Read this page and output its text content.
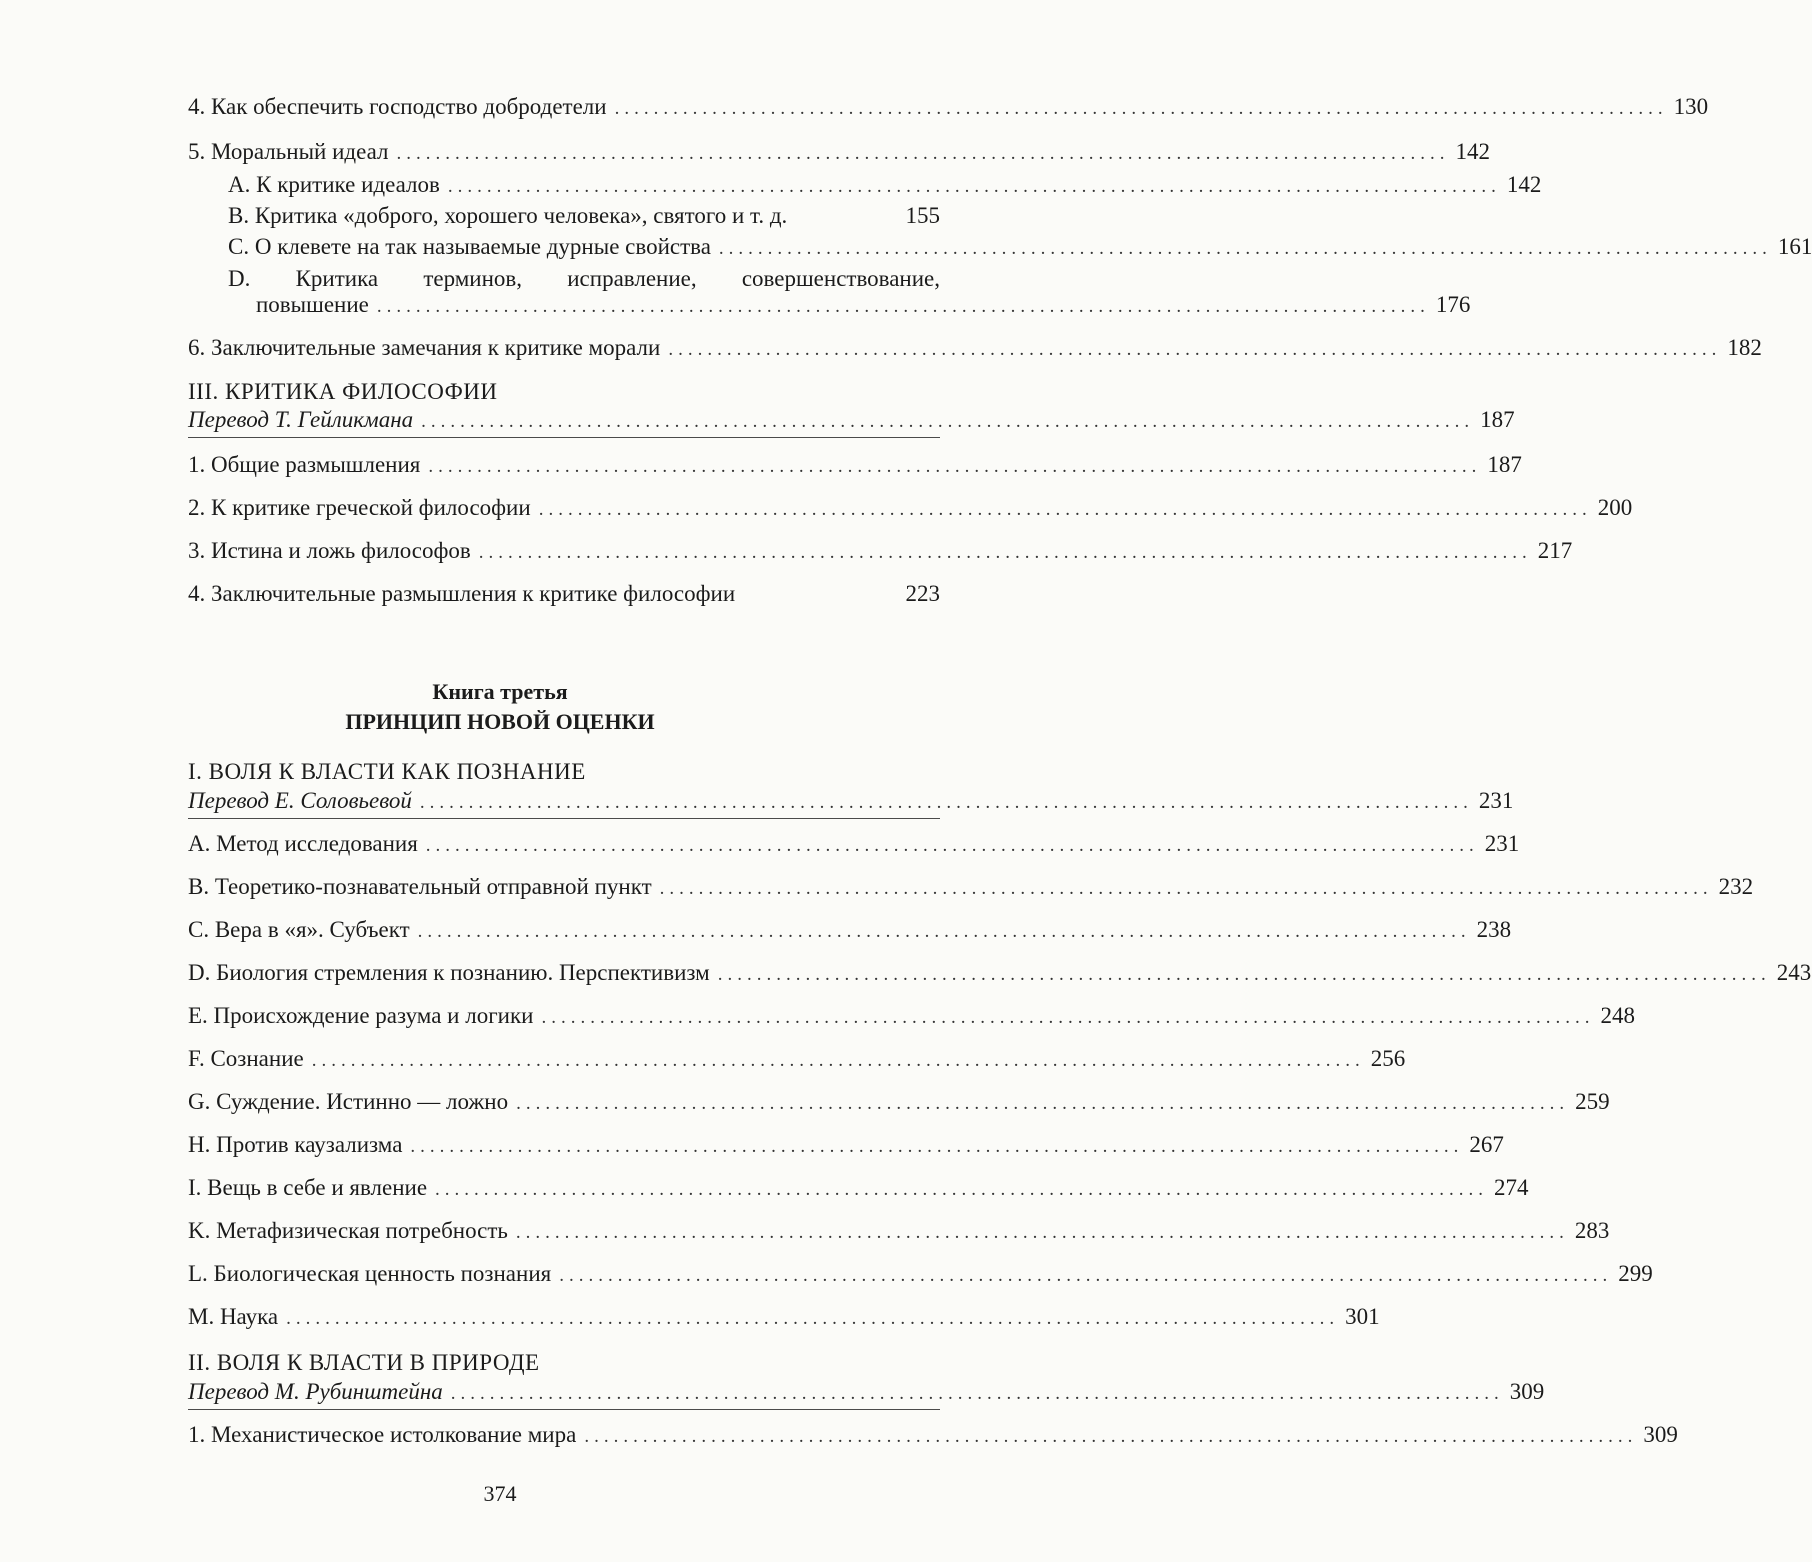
4. Как обеспечить господство добродетели ............................................................................................................ 130
5. Моральный идеал ............................................................................................................ 142
A. К критике идеалов ............................................................................................................ 142
B. Критика «доброго, хорошего человека», святого и т. д.
	155
C. О клевете на так называемые дурные свойства ............................................................................................................ 161
D. Критика терминов, исправление, совершенствование,
повышение ............................................................................................................ 176
6. Заключительные замечания к критике морали ............................................................................................................ 182
III. КРИТИКА ФИЛОСОФИИ
Перевод Т. Гейликмана ............................................................................................................ 187
1. Общие размышления ............................................................................................................ 187
2. К критике греческой философии ............................................................................................................ 200
3. Истина и ложь философов ............................................................................................................ 217
4. Заключительные размышления к критике философии
	223
Книга третья
ПРИНЦИП НОВОЙ ОЦЕНКИ
I. ВОЛЯ К ВЛАСТИ КАК ПОЗНАНИЕ
Перевод Е. Соловьевой ............................................................................................................ 231
A. Метод исследования ............................................................................................................ 231
B. Теоретико-познавательный отправной пункт ............................................................................................................ 232
C. Вера в «я». Субъект ............................................................................................................ 238
D. Биология стремления к познанию. Перспективизм ............................................................................................................ 243
E. Происхождение разума и логики ............................................................................................................ 248
F. Сознание ............................................................................................................ 256
G. Суждение. Истинно — ложно ............................................................................................................ 259
H. Против каузализма ............................................................................................................ 267
I. Вещь в себе и явление ............................................................................................................ 274
K. Метафизическая потребность ............................................................................................................ 283
L. Биологическая ценность познания ............................................................................................................ 299
M. Наука ............................................................................................................ 301
II. ВОЛЯ К ВЛАСТИ В ПРИРОДЕ
Перевод М. Рубинштейна ............................................................................................................ 309
1. Механистическое истолкование мира ............................................................................................................ 309
374
